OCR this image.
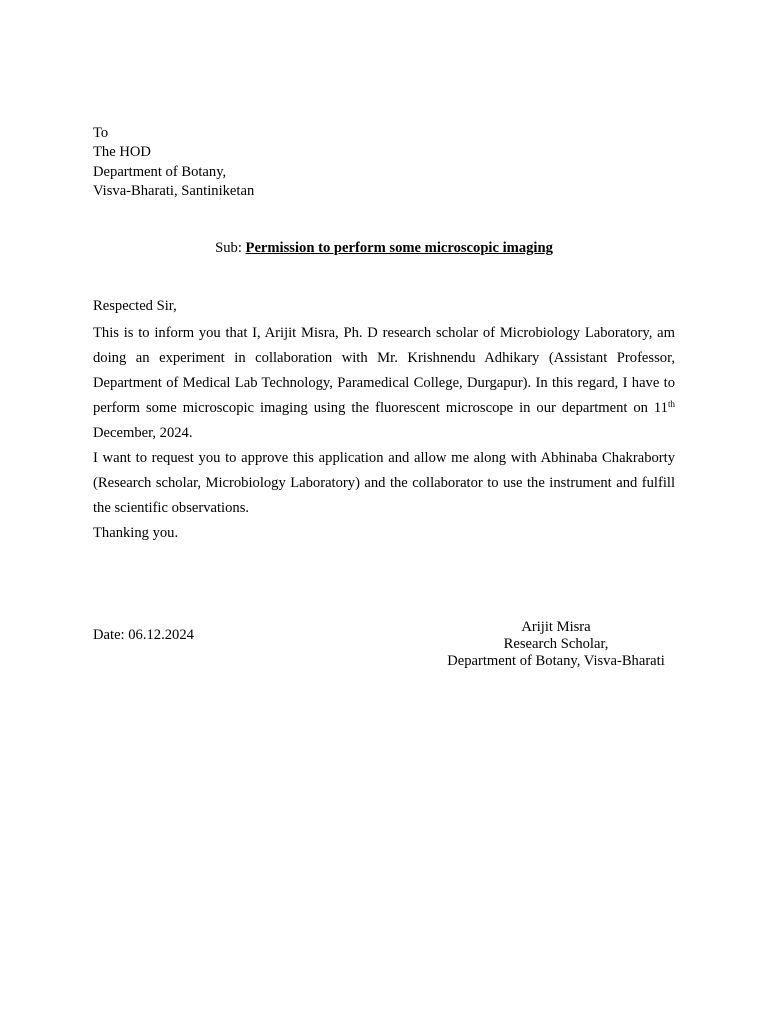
To
The HOD
Department of Botany,
Visva-Bharati, Santiniketan
Sub: Permission to perform some microscopic imaging
Respected Sir,

This is to inform you that I, Arijit Misra, Ph. D research scholar of Microbiology Laboratory, am doing an experiment in collaboration with Mr. Krishnendu Adhikary (Assistant Professor, Department of Medical Lab Technology, Paramedical College, Durgapur). In this regard, I have to perform some microscopic imaging using the fluorescent microscope in our department on 11th December, 2024.

I want to request you to approve this application and allow me along with Abhinaba Chakraborty (Research scholar, Microbiology Laboratory) and the collaborator to use the instrument and fulfill the scientific observations.

Thanking you.

Date: 06.12.2024	Arijit Misra
Research Scholar,
Department of Botany, Visva-Bharati
